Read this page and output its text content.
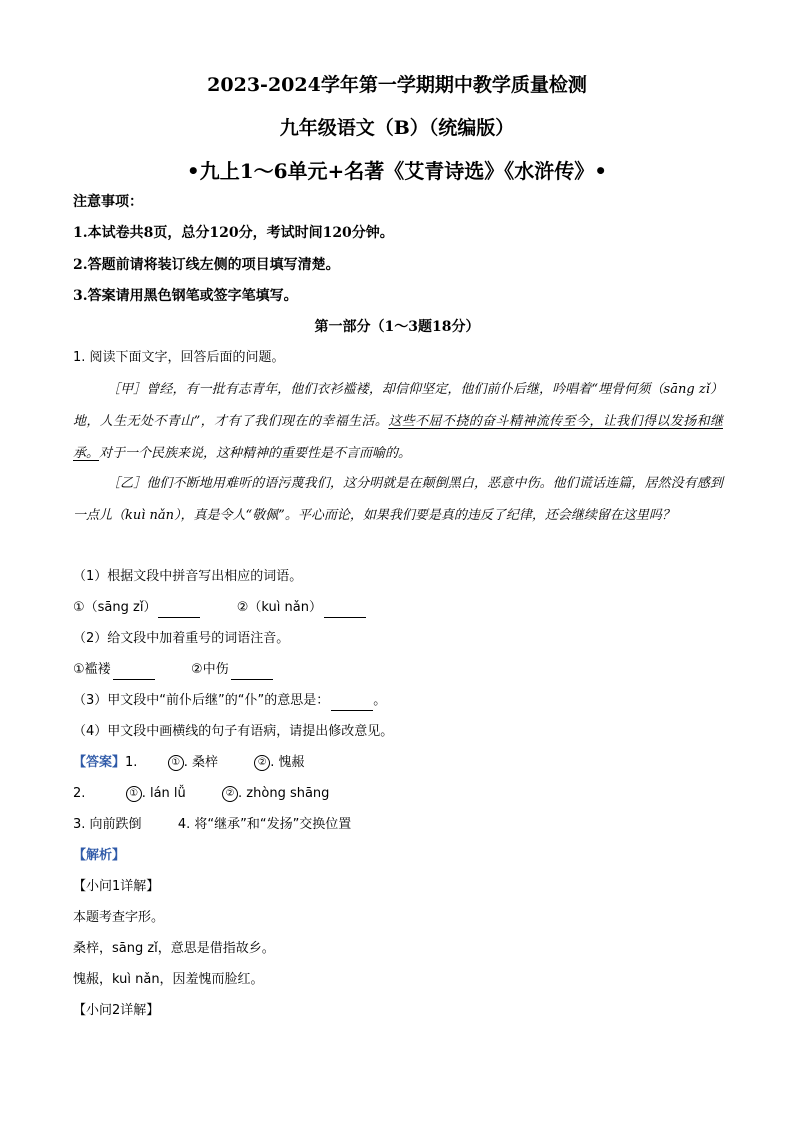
2023-2024学年第一学期期中教学质量检测
九年级语文（B）（统编版）
•九上1～6单元+名著《艾青诗选》《水浒传》•
注意事项：
1.本试卷共8页，总分120分，考试时间120分钟。
2.答题前请将装订线左侧的项目填写清楚。
3.答案请用黑色钢笔或签字笔填写。
第一部分（1～3题18分）
1. 阅读下面文字，回答后面的问题。

［甲］曾经，有一批有志青年，他们衣衫褴褛，却信仰坚定，他们前仆后继，吟唱着“埋骨何须（sāng zǐ）地，人生无处不青山”，才有了我们现在的幸福生活。这些不屈不挠的奋斗精神流传至今，让我们得以发扬和继承。对于一个民族来说，这种精神的重要性是不言而喻的。

［乙］他们不断地用难听的语污蔑我们，这分明就是在颠倒黑白，恶意中伤。他们谎话连篇，居然没有感到一点儿（kuì nǎn），真是令人“敬佩”。平心而论，如果我们要是真的违反了纪律，还会继续留在这里吗？

（1）根据文段中拼音写出相应的词语。
①（sāng zǐ）	②（kuì nǎn）
（2）给文段中加着重号的词语注音。
①褴褛	②中伤
（3）甲文段中“前仆后继”的“仆”的意思是：	。
（4）甲文段中画横线的句子有语病，请提出修改意见。
【答案】1.	① . 桑梓	② . 愧赧
2.	① . lán lǚ	② . zhòng shāng
3. 向前跌倒	4. 将“继承”和“发扬”交换位置
【解析】
【小问1详解】
本题考查字形。
桑梓，sāng zǐ，意思是借指故乡。
愧赧，kuì nǎn，因羞愧而脸红。
【小问2详解】
